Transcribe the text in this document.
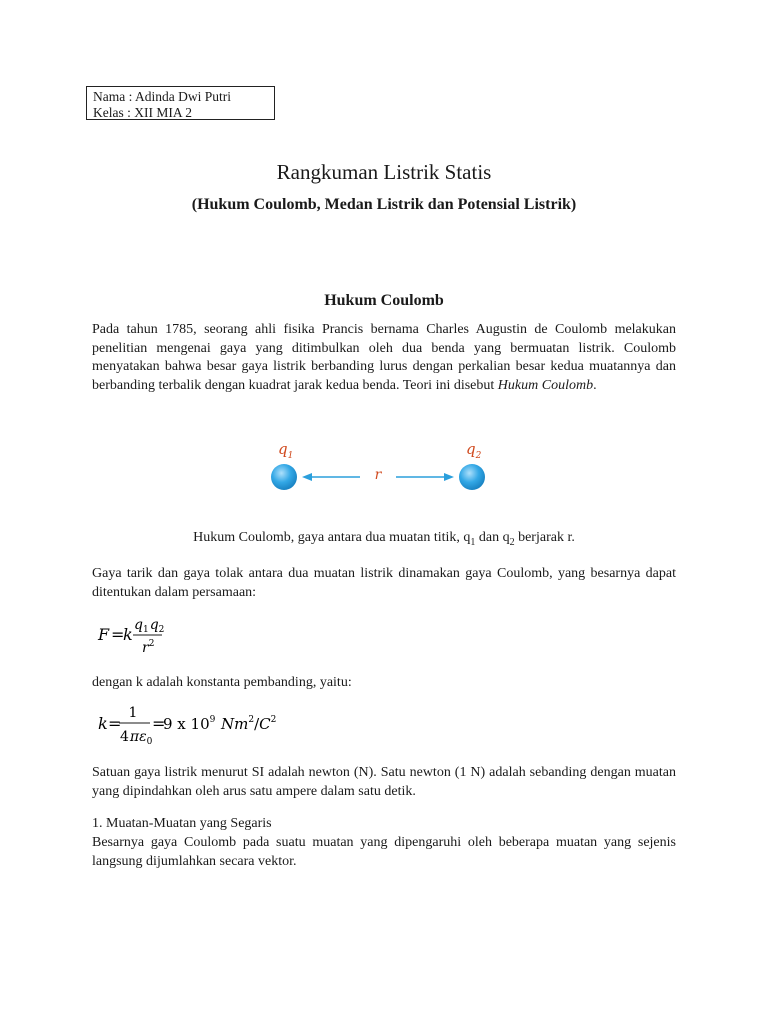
Nama : Adinda Dwi Putri
Kelas : XII MIA 2
Rangkuman Listrik Statis
(Hukum Coulomb, Medan Listrik dan Potensial Listrik)
Hukum Coulomb

Pada tahun 1785, seorang ahli fisika Prancis bernama Charles Augustin de Coulomb melakukan penelitian mengenai gaya yang ditimbulkan oleh dua benda yang bermuatan listrik. Coulomb menyatakan bahwa besar gaya listrik berbanding lurus dengan perkalian besar kedua muatannya dan berbanding terbalik dengan kuadrat jarak kedua benda. Teori ini disebut Hukum Coulomb.

$q_1$	$q_2$
r
Hukum Coulomb, gaya antara dua muatan titik, $q_1$ dan $q_2$ berjarak r.

Gaya tarik dan gaya tolak antara dua muatan listrik dinamakan gaya Coulomb, yang besarnya dapat ditentukan dalam persamaan:

F =
k $q_1q_2$
$r^2$

dengan k adalah konstanta pembanding, yaitu:

k =
1
$4\pi\varepsilon_0$
=
9 x $10^9$ $Nm^2/C^2$

Satuan gaya listrik menurut SI adalah newton (N). Satu newton (1 N) adalah sebanding dengan muatan yang dipindahkan oleh arus satu ampere dalam satu detik.

1. Muatan-Muatan yang Segaris

Besarnya gaya Coulomb pada suatu muatan yang dipengaruhi oleh beberapa muatan yang sejenis langsung dijumlahkan secara vektor.
